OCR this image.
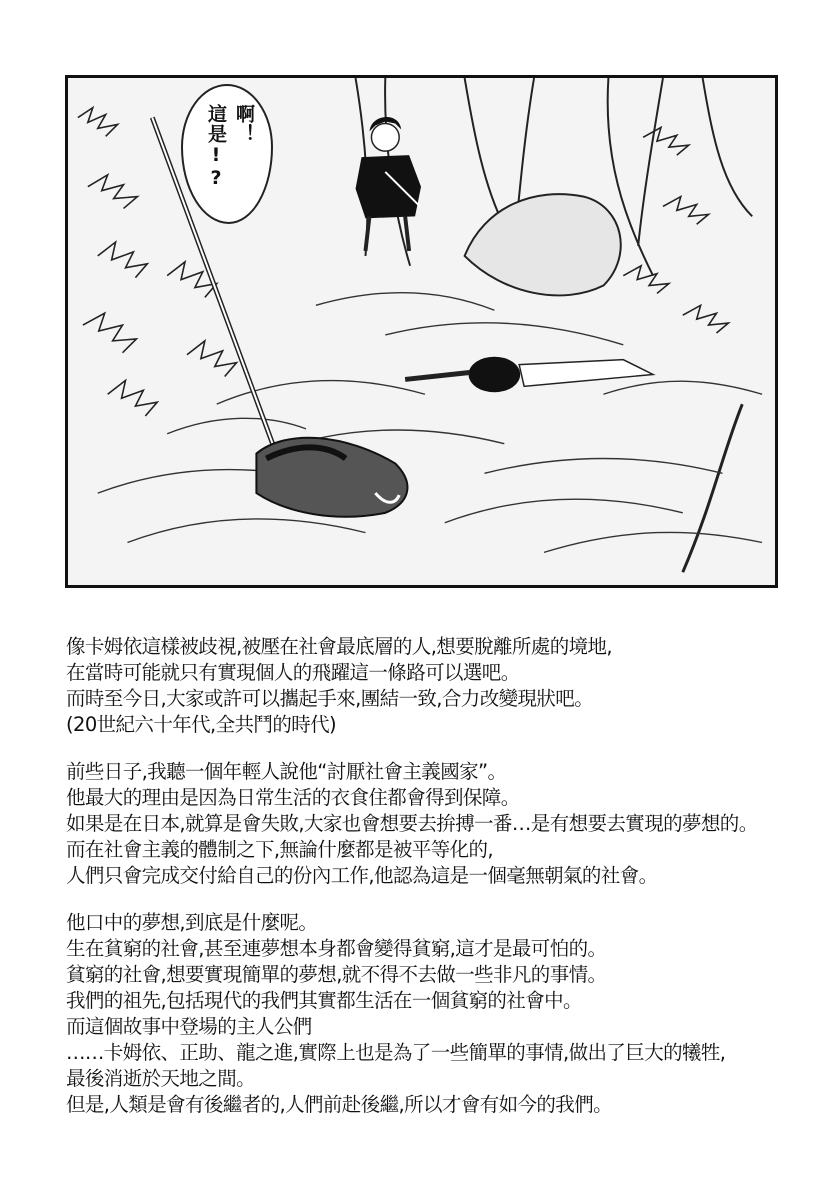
啊！
這是!?
像卡姆依這樣被歧視,被壓在社會最底層的人,想要脫離所處的境地,
在當時可能就只有實現個人的飛躍這一條路可以選吧。
而時至今日,大家或許可以攜起手來,團結一致,合力改變現狀吧。
(20世紀六十年代,全共鬥的時代)
前些日子,我聽一個年輕人說他“討厭社會主義國家”。
他最大的理由是因為日常生活的衣食住都會得到保障。
如果是在日本,就算是會失敗,大家也會想要去拚搏一番…是有想要去實現的夢想的。
而在社會主義的體制之下,無論什麼都是被平等化的,
人們只會完成交付給自己的份內工作,他認為這是一個毫無朝氣的社會。
他口中的夢想,到底是什麼呢。
生在貧窮的社會,甚至連夢想本身都會變得貧窮,這才是最可怕的。
貧窮的社會,想要實現簡單的夢想,就不得不去做一些非凡的事情。
我們的祖先,包括現代的我們其實都生活在一個貧窮的社會中。
而這個故事中登場的主人公們
……卡姆依、正助、龍之進,實際上也是為了一些簡單的事情,做出了巨大的犧牲,
最後消逝於天地之間。
但是,人類是會有後繼者的,人們前赴後繼,所以才會有如今的我們。
